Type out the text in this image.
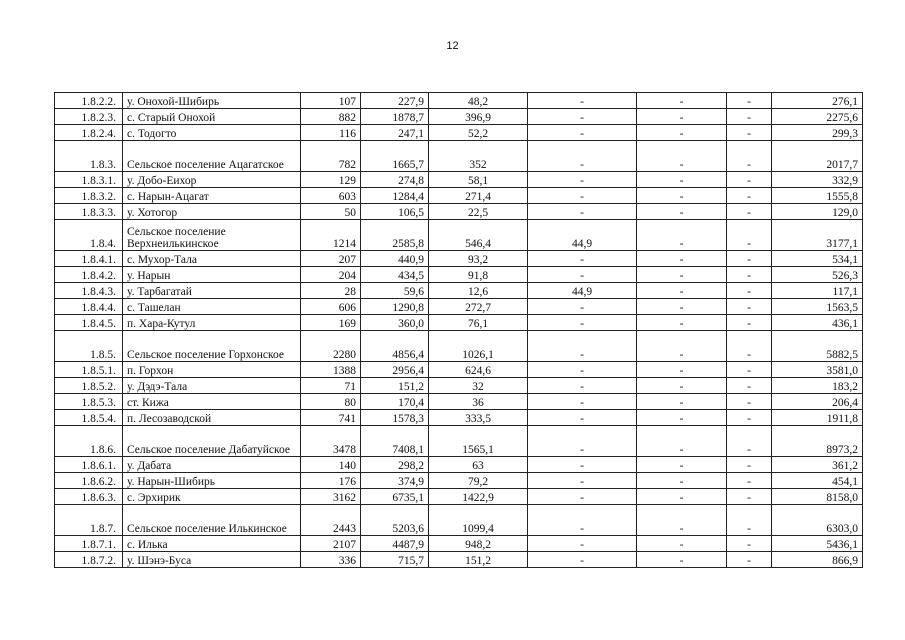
12
1.8.2.2.	у. Онохой-Шибирь	107	227,9	48,2	-	-	-	276,1
1.8.2.3.	с. Старый Онохой	882	1878,7	396,9	-	-	-	2275,6
1.8.2.4.	с. Тодогто	116	247,1	52,2	-	-	-	299,3
1.8.3.	Сельское поселение Ацагатское	782	1665,7	352	-	-	-	2017,7
1.8.3.1.	у. Добо-Еихор	129	274,8	58,1	-	-	-	332,9
1.8.3.2.	с. Нарын-Ацагат	603	1284,4	271,4	-	-	-	1555,8
1.8.3.3.	у. Хотогор	50	106,5	22,5	-	-	-	129,0
1.8.4.	Сельское поселение Верхнеилькинское	1214	2585,8	546,4	44,9	-	-	3177,1
1.8.4.1.	с. Мухор-Тала	207	440,9	93,2	-	-	-	534,1
1.8.4.2.	у. Нарын	204	434,5	91,8	-	-	-	526,3
1.8.4.3.	у. Тарбагатай	28	59,6	12,6	44,9	-	-	117,1
1.8.4.4.	с. Ташелан	606	1290,8	272,7	-	-	-	1563,5
1.8.4.5.	п. Хара-Кутул	169	360,0	76,1	-	-	-	436,1
1.8.5.	Сельское поселение Горхонское	2280	4856,4	1026,1	-	-	-	5882,5
1.8.5.1.	п. Горхон	1388	2956,4	624,6	-	-	-	3581,0
1.8.5.2.	у. Дэдэ-Тала	71	151,2	32	-	-	-	183,2
1.8.5.3.	ст. Кижа	80	170,4	36	-	-	-	206,4
1.8.5.4.	п. Лесозаводской	741	1578,3	333,5	-	-	-	1911,8
1.8.6.	Сельское поселение Дабатуйское	3478	7408,1	1565,1	-	-	-	8973,2
1.8.6.1.	у. Дабата	140	298,2	63	-	-	-	361,2
1.8.6.2.	у. Нарын-Шибирь	176	374,9	79,2	-	-	-	454,1
1.8.6.3.	с. Эрхирик	3162	6735,1	1422,9	-	-	-	8158,0
1.8.7.	Сельское поселение Илькинское	2443	5203,6	1099,4	-	-	-	6303,0
1.8.7.1.	с. Илька	2107	4487,9	948,2	-	-	-	5436,1
1.8.7.2.	у. Шэнэ-Буса	336	715,7	151,2	-	-	-	866,9
